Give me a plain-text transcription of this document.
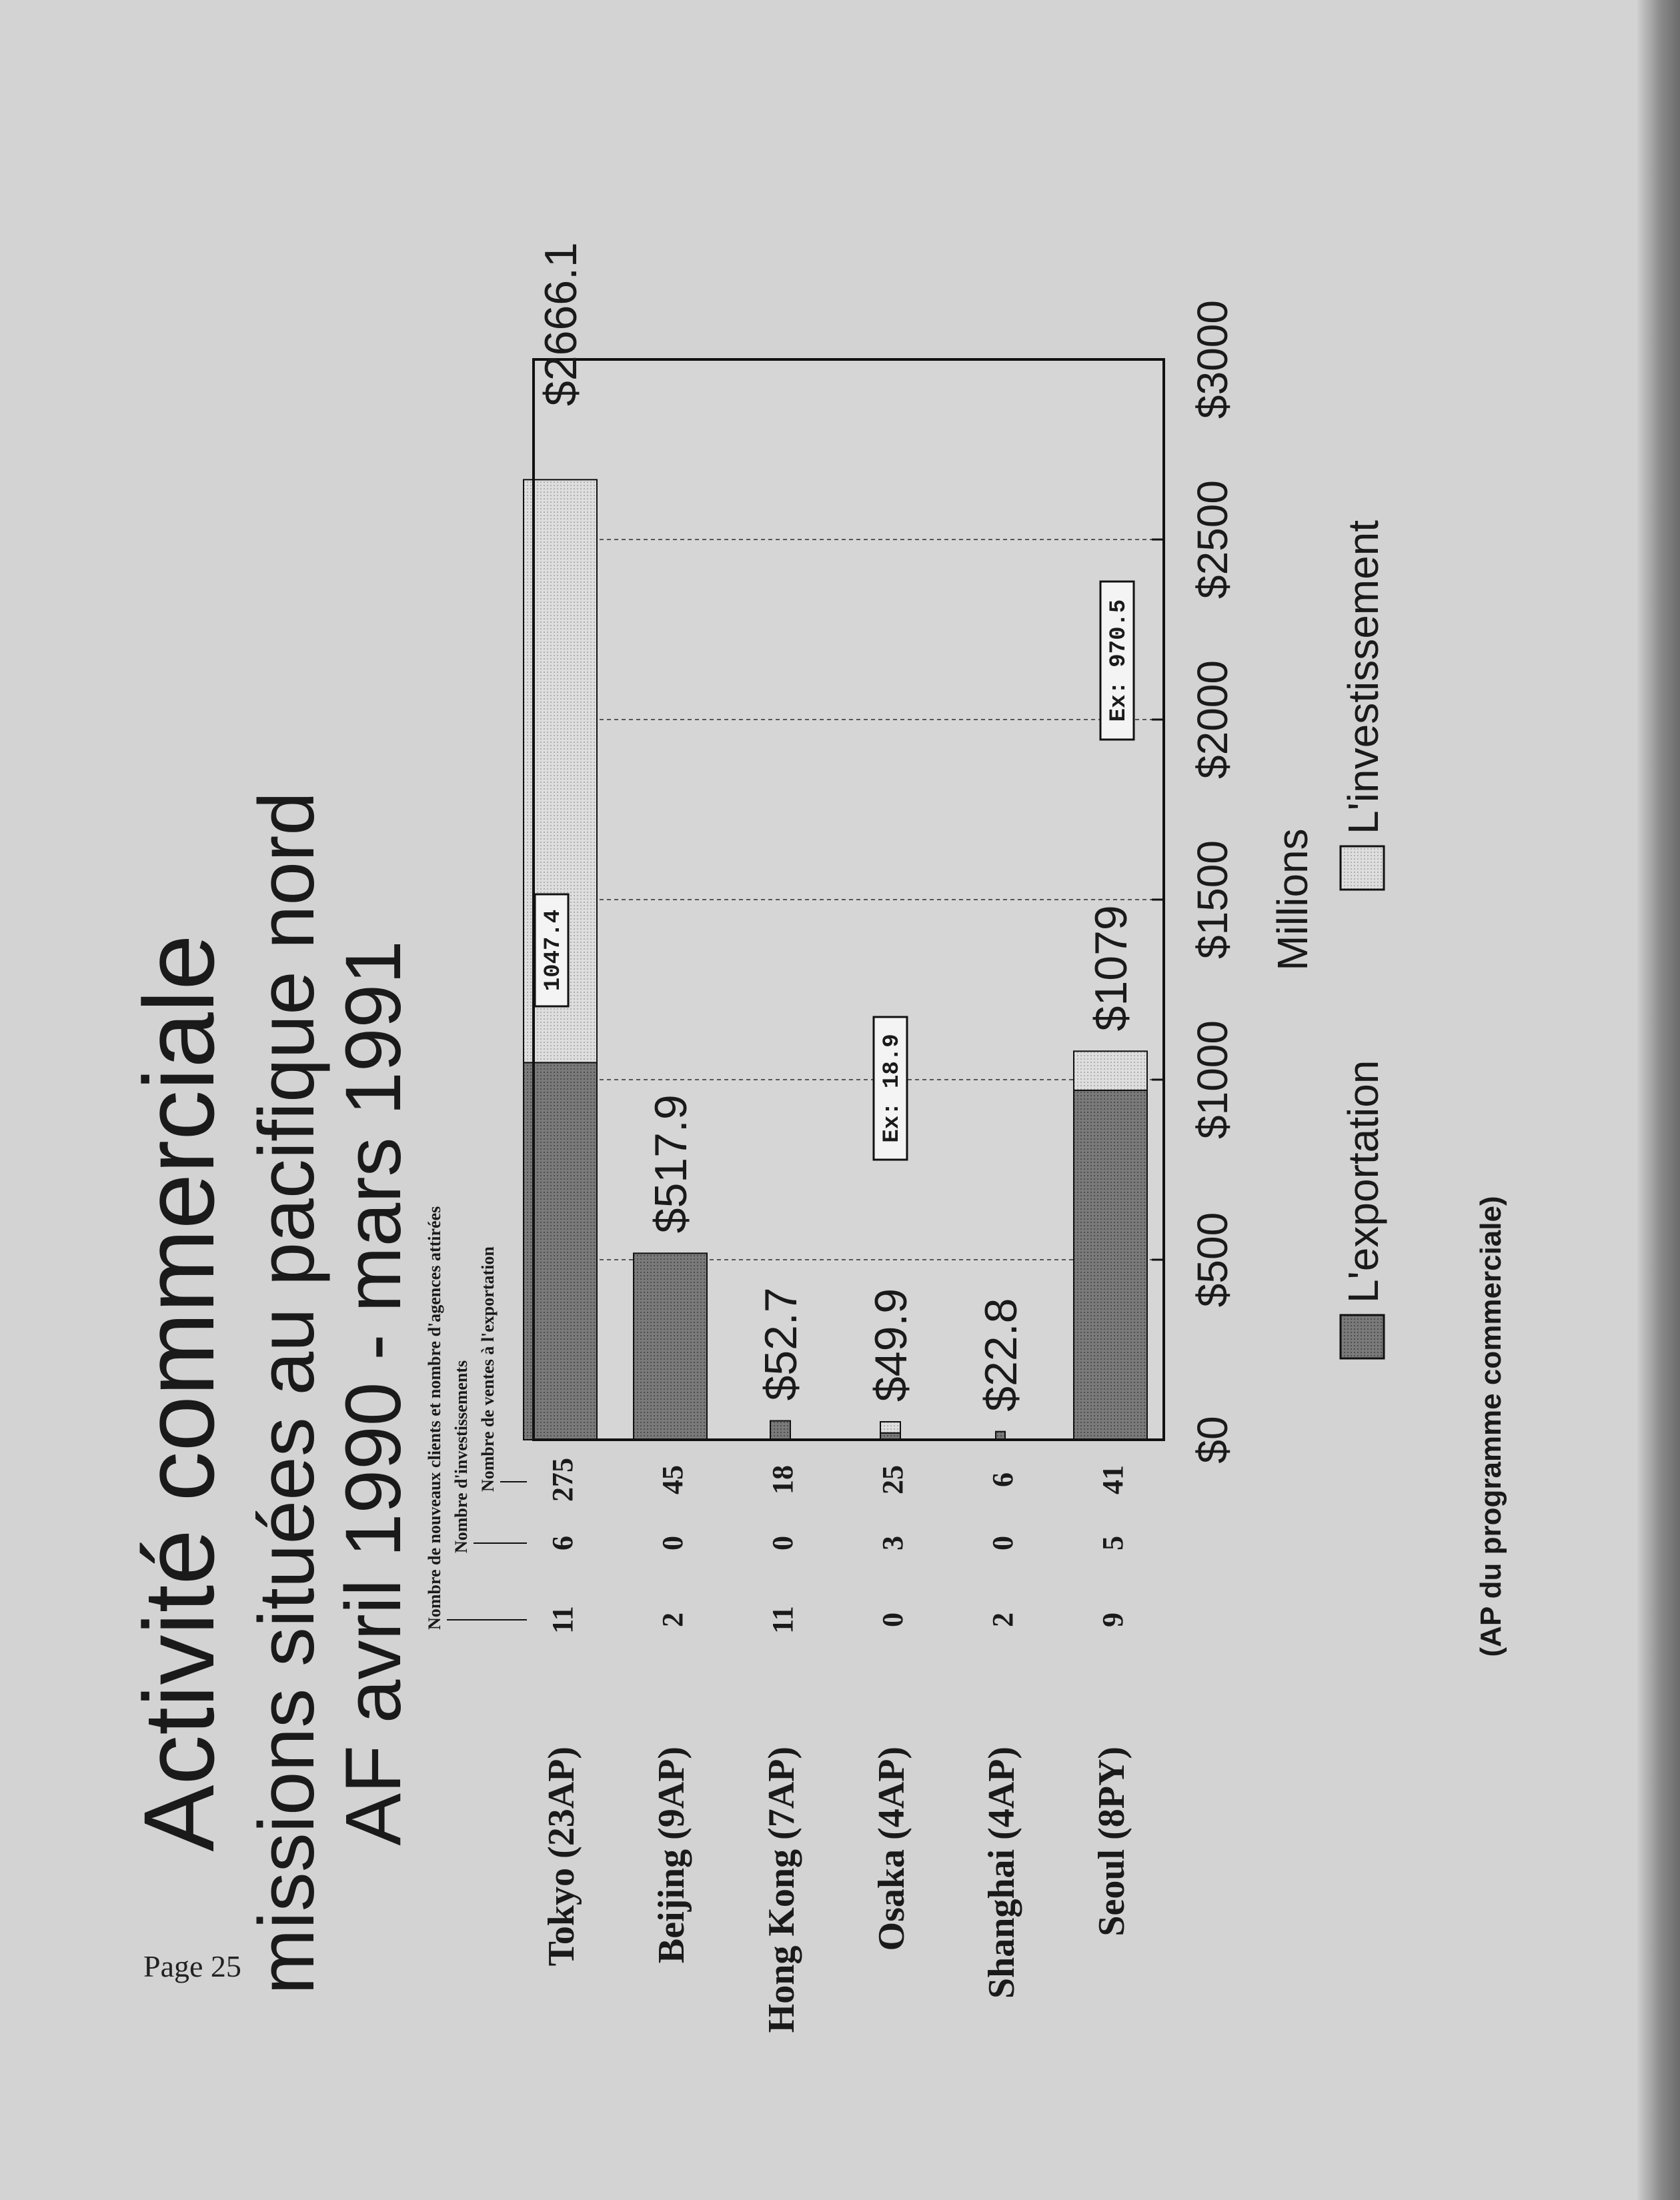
Page 25
Activité commerciale missions situées au pacifique nord
AF avril 1990 - mars 1991 Nombre de nouveaux clients et nombre d'agences attirées Nombre d'investissements Nombre de ventes à l'exportation
Tokyo (23AP) Beijing (9AP) Hong Kong (7AP) Osaka (4AP) Shanghai (4AP) Seoul (8PY)
11
6
275
2
0
45
11
0
18
0
3
25
2
0
6
9
5
41
$0
$500
$1000
$1500
$2000
$2500
$3000
$2666.1
1047.4
$517.9
$52.7 $49.9
Ex: 18.9
$22.8
$1079
Ex: 970.5
Millions
L'exportation
L'investissement
(AP du programme commerciale)
